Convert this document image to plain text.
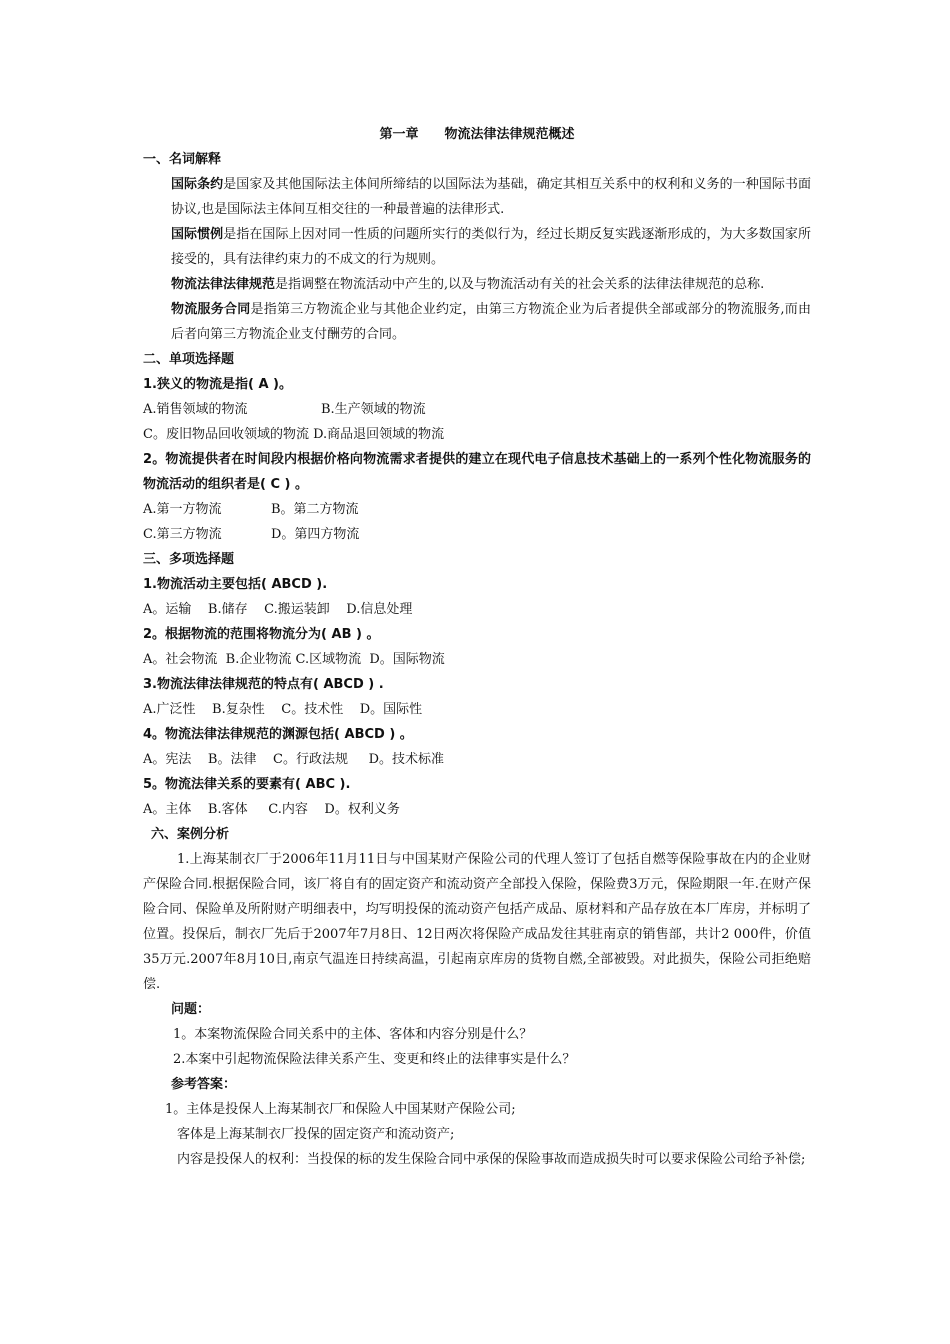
第一章　　物流法律法律规范概述
一、名词解释
国际条约是国家及其他国际法主体间所缔结的以国际法为基础，确定其相互关系中的权利和义务的一种国际书面协议,也是国际法主体间互相交往的一种最普遍的法律形式.
国际惯例是指在国际上因对同一性质的问题所实行的类似行为，经过长期反复实践逐渐形成的，为大多数国家所接受的，具有法律约束力的不成文的行为规则。
物流法律法律规范是指调整在物流活动中产生的,以及与物流活动有关的社会关系的法律法律规范的总称.
物流服务合同是指第三方物流企业与其他企业约定，由第三方物流企业为后者提供全部或部分的物流服务,而由后者向第三方物流企业支付酬劳的合同。
二、单项选择题
1.狭义的物流是指( A )。
A.销售领域的物流	B.生产领域的物流
C。废旧物品回收领域的物流 D.商品退回领域的物流
2。物流提供者在时间段内根据价格向物流需求者提供的建立在现代电子信息技术基础上的一系列个性化物流服务的物流活动的组织者是( C ) 。
A.第一方物流	B。第二方物流
C.第三方物流	D。第四方物流
三、多项选择题
1.物流活动主要包括( ABCD ).
A。运输    B.储存    C.搬运装卸    D.信息处理
2。根据物流的范围将物流分为( AB ) 。
A。社会物流  B.企业物流 C.区域物流  D。国际物流
3.物流法律法律规范的特点有( ABCD ) .
A.广泛性    B.复杂性    C。技术性    D。国际性
4。物流法律法律规范的渊源包括( ABCD ) 。
A。宪法    B。法律    C。行政法规     D。技术标准
5。物流法律关系的要素有( ABC ).
A。主体    B.客体     C.内容    D。权利义务
六、案例分析
1.上海某制衣厂于2006年11月11日与中国某财产保险公司的代理人签订了包括自燃等保险事故在内的企业财产保险合同.根据保险合同，该厂将自有的固定资产和流动资产全部投入保险，保险费3万元，保险期限一年.在财产保险合同、保险单及所附财产明细表中，均写明投保的流动资产包括产成品、原材料和产品存放在本厂库房，并标明了位置。投保后，制衣厂先后于2007年7月8日、12日两次将保险产成品发往其驻南京的销售部，共计2 000件，价值35万元.2007年8月10日,南京气温连日持续高温，引起南京库房的货物自燃,全部被毁。对此损失，保险公司拒绝赔偿.
问题：
1。本案物流保险合同关系中的主体、客体和内容分别是什么？
2.本案中引起物流保险法律关系产生、变更和终止的法律事实是什么？
参考答案：
1。主体是投保人上海某制衣厂和保险人中国某财产保险公司;
客体是上海某制衣厂投保的固定资产和流动资产;
内容是投保人的权利：当投保的标的发生保险合同中承保的保险事故而造成损失时可以要求保险公司给予补偿;
